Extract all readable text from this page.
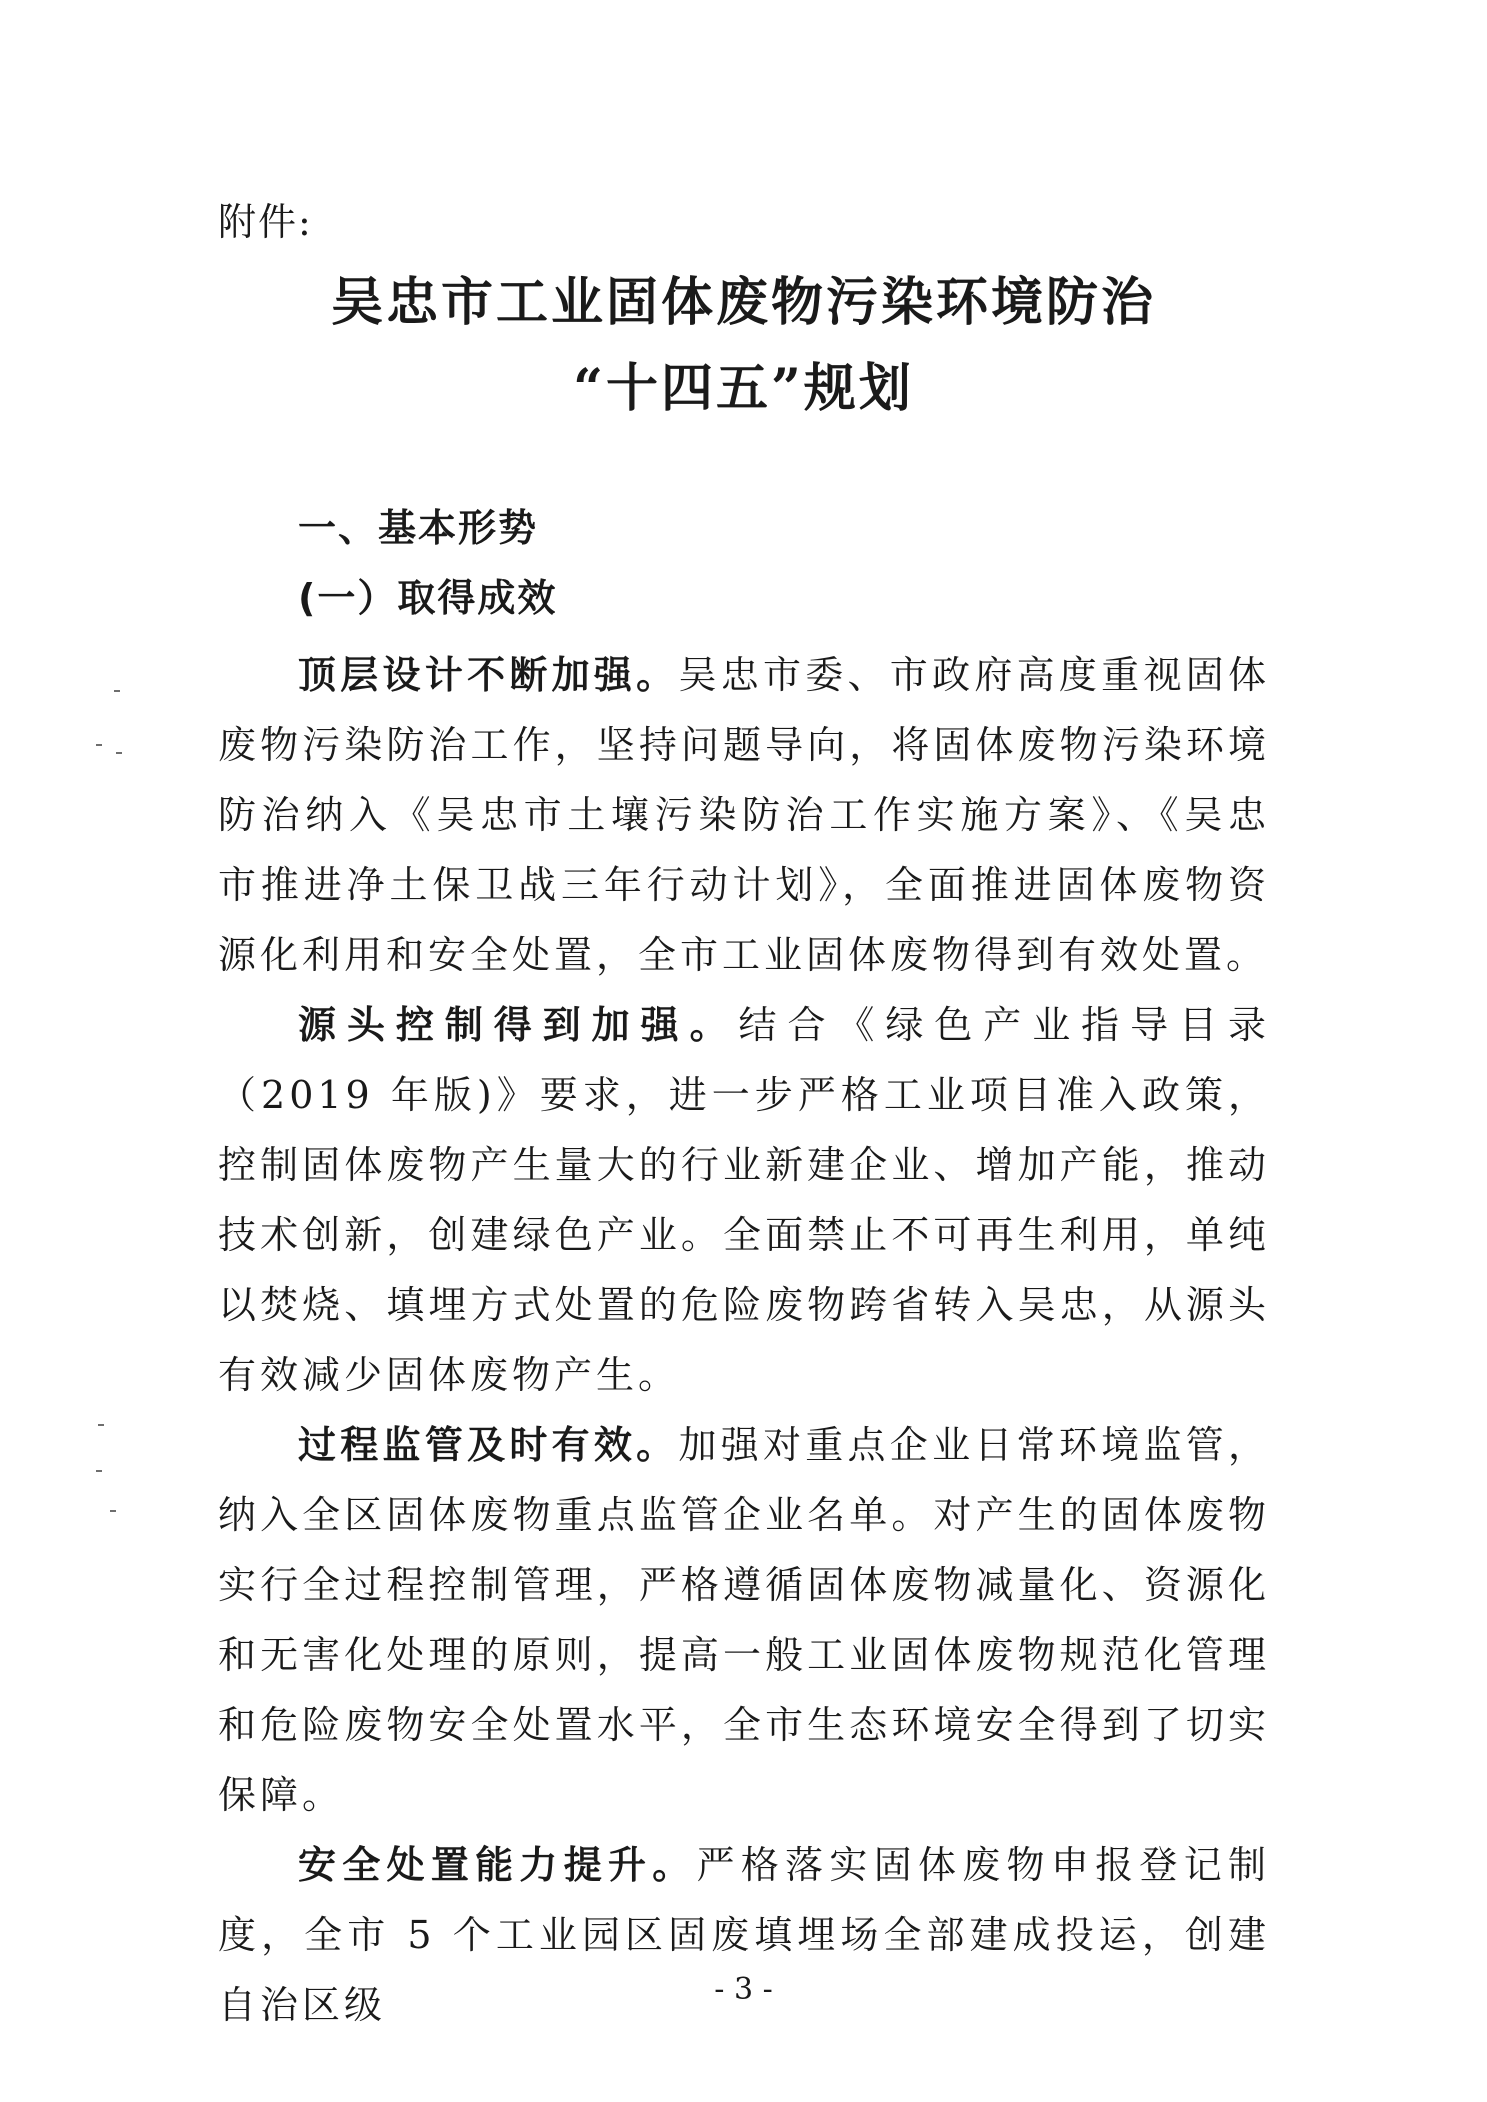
附件:

吴忠市工业固体废物污染环境防治
“十四五”规划
一、基本形势
(一）取得成效

顶层设计不断加强。吴忠市委、市政府高度重视固体废物污染防治工作，坚持问题导向，将固体废物污染环境防治纳入《吴忠市土壤污染防治工作实施方案》、《吴忠市推进净土保卫战三年行动计划》，全面推进固体废物资源化利用和安全处置，全市工业固体废物得到有效处置。

源头控制得到加强。结合《绿色产业指导目录（2019 年版)》要求，进一步严格工业项目准入政策，控制固体废物产生量大的行业新建企业、增加产能，推动技术创新，创建绿色产业。全面禁止不可再生利用，单纯以焚烧、填埋方式处置的危险废物跨省转入吴忠，从源头有效减少固体废物产生。

过程监管及时有效。加强对重点企业日常环境监管，纳入全区固体废物重点监管企业名单。对产生的固体废物实行全过程控制管理，严格遵循固体废物减量化、资源化和无害化处理的原则，提高一般工业固体废物规范化管理和危险废物安全处置水平，全市生态环境安全得到了切实保障。

安全处置能力提升。严格落实固体废物申报登记制度，全市 5 个工业园区固废填埋场全部建成投运，创建自治区级	- 3 -
